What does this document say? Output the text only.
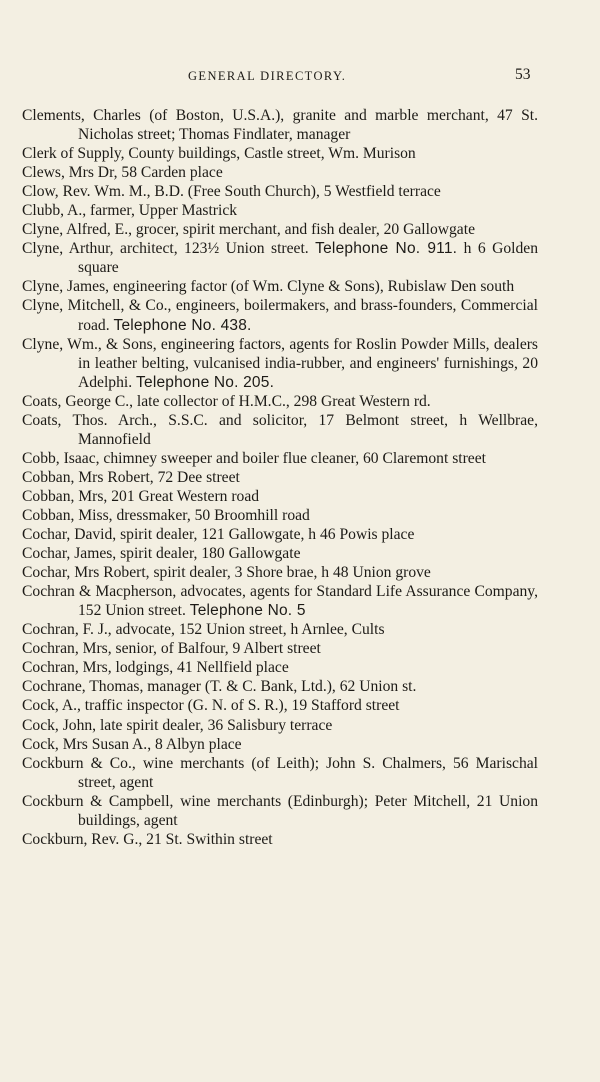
GENERAL DIRECTORY.	53
Clements, Charles (of Boston, U.S.A.), granite and marble merchant, 47 St. Nicholas street; Thomas Findlater, manager
Clerk of Supply, County buildings, Castle street, Wm. Murison
Clews, Mrs Dr, 58 Carden place
Clow, Rev. Wm. M., B.D. (Free South Church), 5 Westfield terrace
Clubb, A., farmer, Upper Mastrick
Clyne, Alfred, E., grocer, spirit merchant, and fish dealer, 20 Gallowgate
Clyne, Arthur, architect, 123½ Union street. Telephone No. 911. h 6 Golden square
Clyne, James, engineering factor (of Wm. Clyne & Sons), Rubislaw Den south
Clyne, Mitchell, & Co., engineers, boilermakers, and brass-founders, Commercial road. Telephone No. 438.
Clyne, Wm., & Sons, engineering factors, agents for Roslin Powder Mills, dealers in leather belting, vulcanised india-rubber, and engineers' furnishings, 20 Adelphi. Telephone No. 205.
Coats, George C., late collector of H.M.C., 298 Great Western rd.
Coats, Thos. Arch., S.S.C. and solicitor, 17 Belmont street, h Wellbrae, Mannofield
Cobb, Isaac, chimney sweeper and boiler flue cleaner, 60 Claremont street
Cobban, Mrs Robert, 72 Dee street
Cobban, Mrs, 201 Great Western road
Cobban, Miss, dressmaker, 50 Broomhill road
Cochar, David, spirit dealer, 121 Gallowgate, h 46 Powis place
Cochar, James, spirit dealer, 180 Gallowgate
Cochar, Mrs Robert, spirit dealer, 3 Shore brae, h 48 Union grove
Cochran & Macpherson, advocates, agents for Standard Life Assurance Company, 152 Union street. Telephone No. 5
Cochran, F. J., advocate, 152 Union street, h Arnlee, Cults
Cochran, Mrs, senior, of Balfour, 9 Albert street
Cochran, Mrs, lodgings, 41 Nellfield place
Cochrane, Thomas, manager (T. & C. Bank, Ltd.), 62 Union st.
Cock, A., traffic inspector (G. N. of S. R.), 19 Stafford street
Cock, John, late spirit dealer, 36 Salisbury terrace
Cock, Mrs Susan A., 8 Albyn place
Cockburn & Co., wine merchants (of Leith); John S. Chalmers, 56 Marischal street, agent
Cockburn & Campbell, wine merchants (Edinburgh); Peter Mitchell, 21 Union buildings, agent
Cockburn, Rev. G., 21 St. Swithin street
